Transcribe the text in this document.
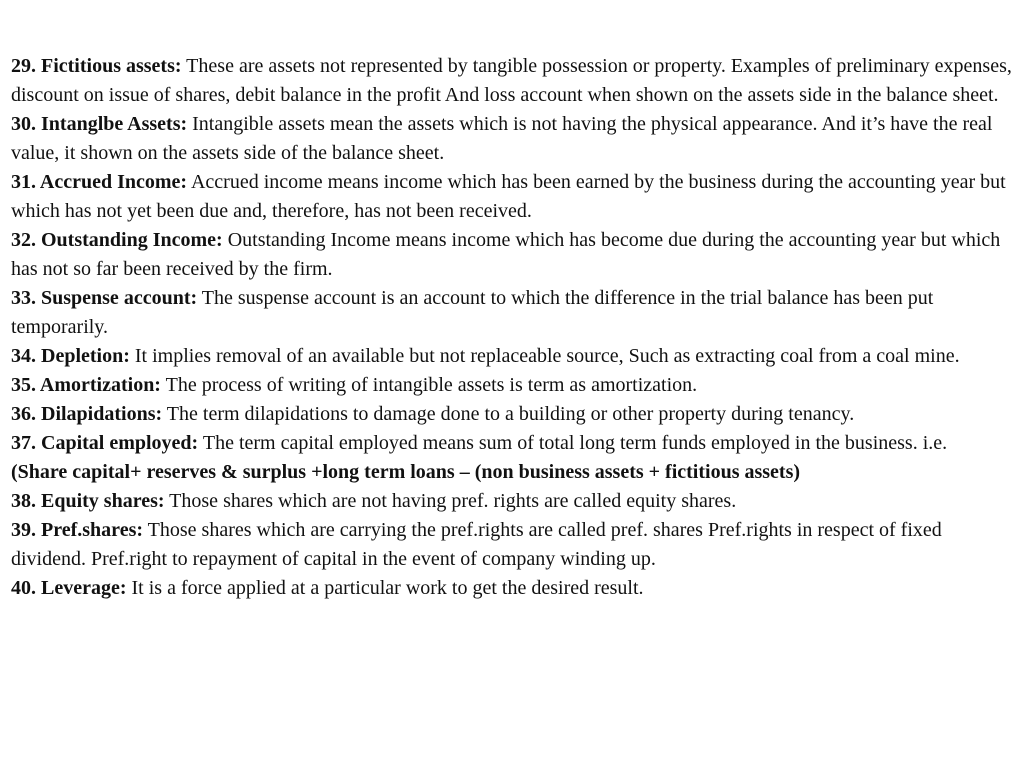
29. Fictitious assets: These are assets not represented by tangible possession or property. Examples of preliminary expenses, discount on issue of shares, debit balance in the profit And loss account when shown on the assets side in the balance sheet.

30. Intanglbe Assets: Intangible assets mean the assets which is not having the physical appearance. And it’s have the real value, it shown on the assets side of the balance sheet.

31. Accrued Income: Accrued income means income which has been earned by the business during the accounting year but which has not yet been due and, therefore, has not been received.

32. Outstanding Income: Outstanding Income means income which has become due during the accounting year but which has not so far been received by the firm.

33. Suspense account: The suspense account is an account to which the difference in the trial balance has been put temporarily.

34. Depletion: It implies removal of an available but not replaceable source, Such as extracting coal from a coal mine.

35. Amortization: The process of writing of intangible assets is term as amortization.

36. Dilapidations: The term dilapidations to damage done to a building or other property during tenancy.

37. Capital employed: The term capital employed means sum of total long term funds employed in the business. i.e.

(Share capital+ reserves & surplus +long term loans – (non business assets + fictitious assets)

38. Equity shares: Those shares which are not having pref. rights are called equity shares.

39. Pref.shares: Those shares which are carrying the pref.rights are called pref. shares Pref.rights in respect of fixed dividend. Pref.right to repayment of capital in the event of company winding up.

40. Leverage: It is a force applied at a particular work to get the desired result.
